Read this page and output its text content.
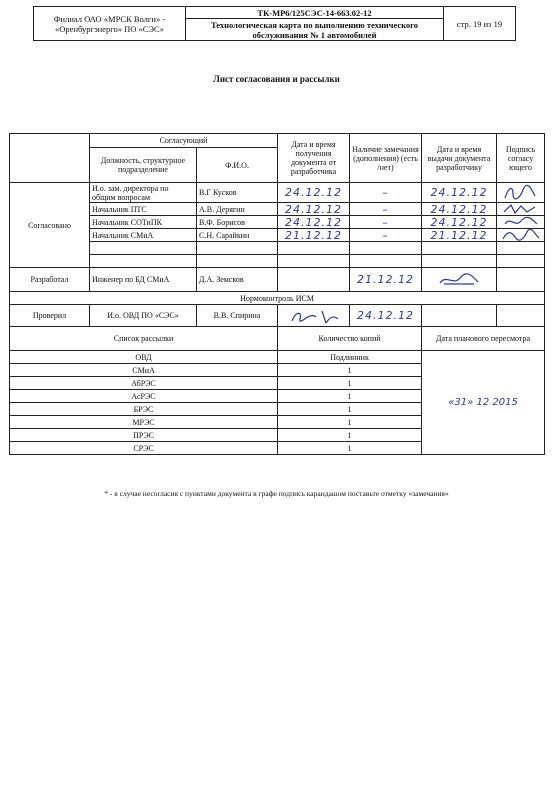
Филиал ОАО «МРСК Волги» - «Оренбургэнерго» ПО «СЭС»	ТК-МР6/125СЭС-14-663.02-12	стр. 19 из 19
Технологическая карта по выполнению технического обслуживания № 1 автомобилей
Лист согласования и рассылки
	Согласующий		Дата и время получения документа от разработчика	Наличие замечания (дополнения) (есть /нет)	Дата и время выдачи документа разработчику	Подпись согласу ющего
	Должность, структурное подразделение	Ф.И.О.				
Согласовано	И.о. зам. директора по общим вопросам	В.Г Кусков	24.12.12	–	24.12.12	

	Начальник ПТС	А.В. Дерягин	24.12.12	–	24.12.12	

	Начальник СОТиПК	В.Ф. Борисов	24.12.12	–	24.12.12	

	Начальник СМиА	С.Н. Сарайкин	21.12.12	–	21.12.12	

Разработал	Инженер по БД СМиА	Д.А. Земсков		21.12.12	

Нормоконтроль ИСМ						
Проверил	И.о. ОВД ПО «СЭС»	В.В. Спирина		24.12.12		
Список рассылки			Количество копий		Дата планового пересмотра	
ОВД			Подлинник		«31» 12 2015	
СМиА			1			
АбРЭС			1			
АсРЭС			1			
БРЭС			1			
МРЭС			1			
ПРЭС			1			
СРЭС			1			
* - в случае несогласия с пунктами документа в графе подпись карандашом поставьте отметку «замечания»
